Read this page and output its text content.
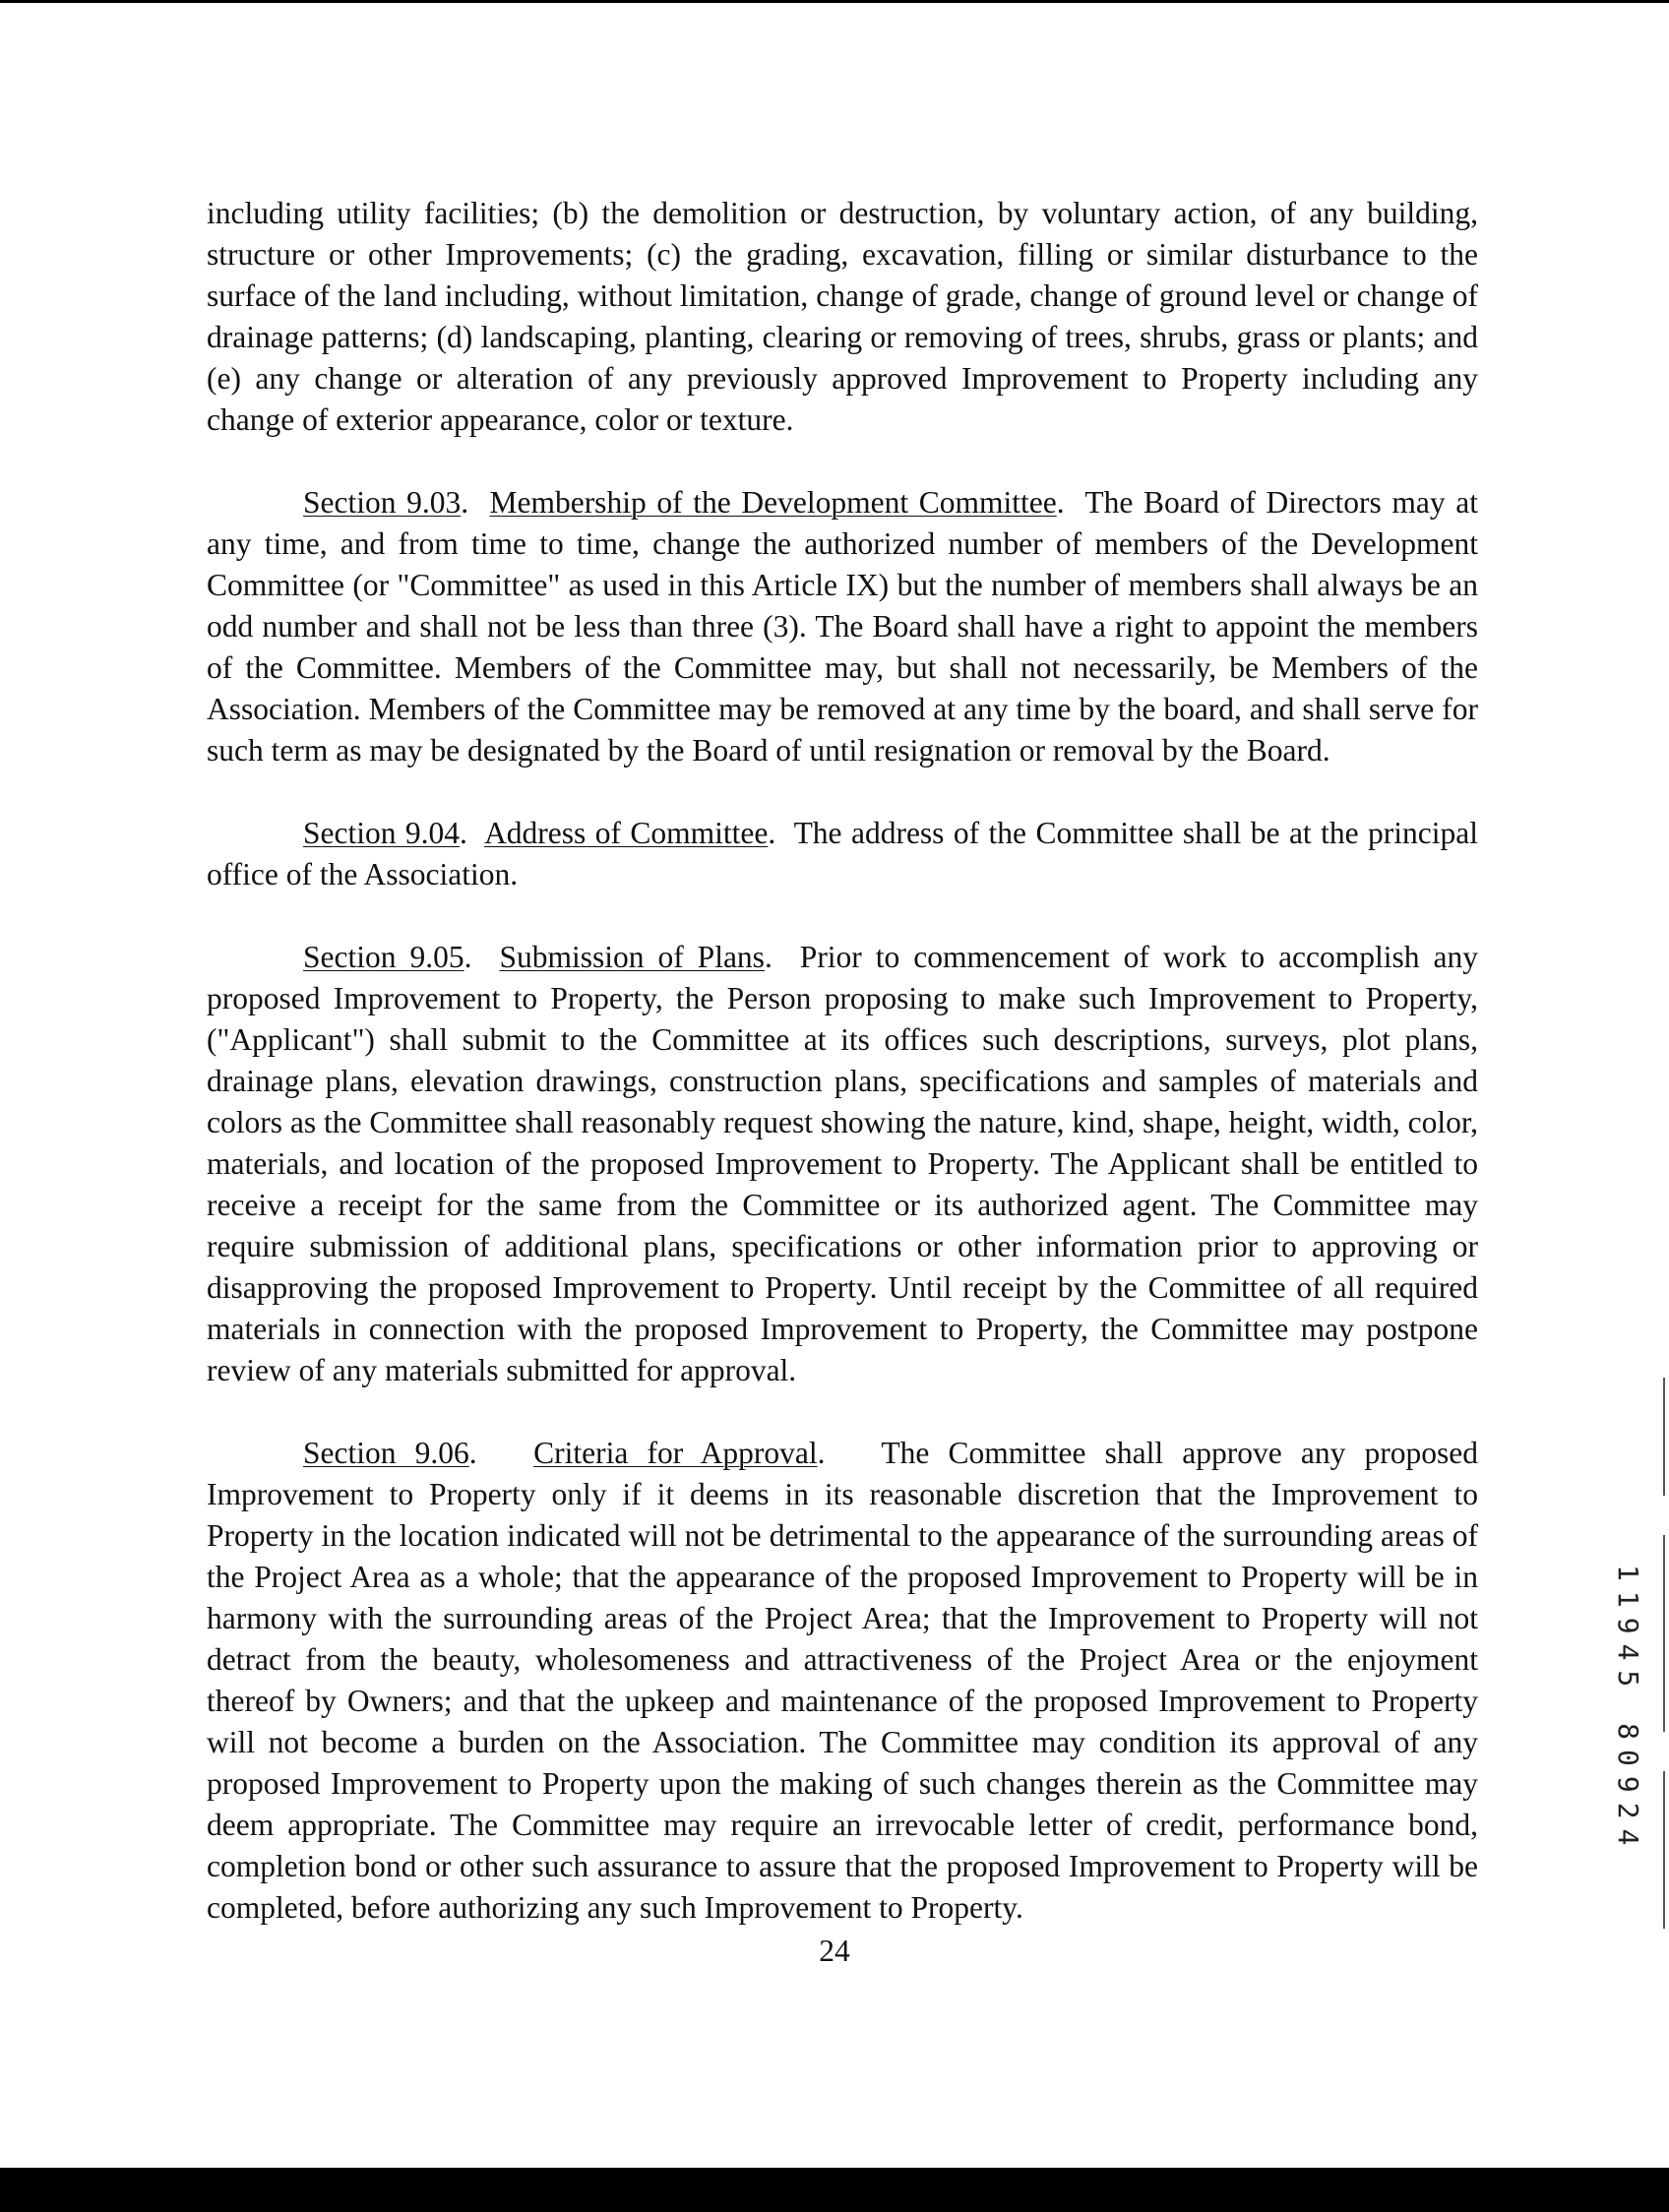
including utility facilities; (b) the demolition or destruction, by voluntary action, of any building, structure or other Improvements; (c) the grading, excavation, filling or similar disturbance to the surface of the land including, without limitation, change of grade, change of ground level or change of drainage patterns; (d) landscaping, planting, clearing or removing of trees, shrubs, grass or plants; and (e) any change or alteration of any previously approved Improvement to Property including any change of exterior appearance, color or texture.

Section 9.03.  Membership of the Development Committee.  The Board of Directors may at any time, and from time to time, change the authorized number of members of the Development Committee (or "Committee" as used in this Article IX) but the number of members shall always be an odd number and shall not be less than three (3). The Board shall have a right to appoint the members of the Committee. Members of the Committee may, but shall not necessarily, be Members of the Association. Members of the Committee may be removed at any time by the board, and shall serve for such term as may be designated by the Board of until resignation or removal by the Board.

Section 9.04.  Address of Committee.  The address of the Committee shall be at the principal office of the Association.

Section 9.05.  Submission of Plans.  Prior to commencement of work to accomplish any proposed Improvement to Property, the Person proposing to make such Improvement to Property, ("Applicant") shall submit to the Committee at its offices such descriptions, surveys, plot plans, drainage plans, elevation drawings, construction plans, specifications and samples of materials and colors as the Committee shall reasonably request showing the nature, kind, shape, height, width, color, materials, and location of the proposed Improvement to Property. The Applicant shall be entitled to receive a receipt for the same from the Committee or its authorized agent. The Committee may require submission of additional plans, specifications or other information prior to approving or disapproving the proposed Improvement to Property. Until receipt by the Committee of all required materials in connection with the proposed Improvement to Property, the Committee may postpone review of any materials submitted for approval.

Section 9.06.   Criteria for Approval.   The Committee shall approve any proposed Improvement to Property only if it deems in its reasonable discretion that the Improvement to Property in the location indicated will not be detrimental to the appearance of the surrounding areas of the Project Area as a whole; that the appearance of the proposed Improvement to Property will be in harmony with the surrounding areas of the Project Area; that the Improvement to Property will not detract from the beauty, wholesomeness and attractiveness of the Project Area or the enjoyment thereof by Owners; and that the upkeep and maintenance of the proposed Improvement to Property will not become a burden on the Association. The Committee may condition its approval of any proposed Improvement to Property upon the making of such changes therein as the Committee may deem appropriate. The Committee may require an irrevocable letter of credit, performance bond, completion bond or other such assurance to assure that the proposed Improvement to Property will be completed, before authorizing any such Improvement to Property.

24
11945 80924
